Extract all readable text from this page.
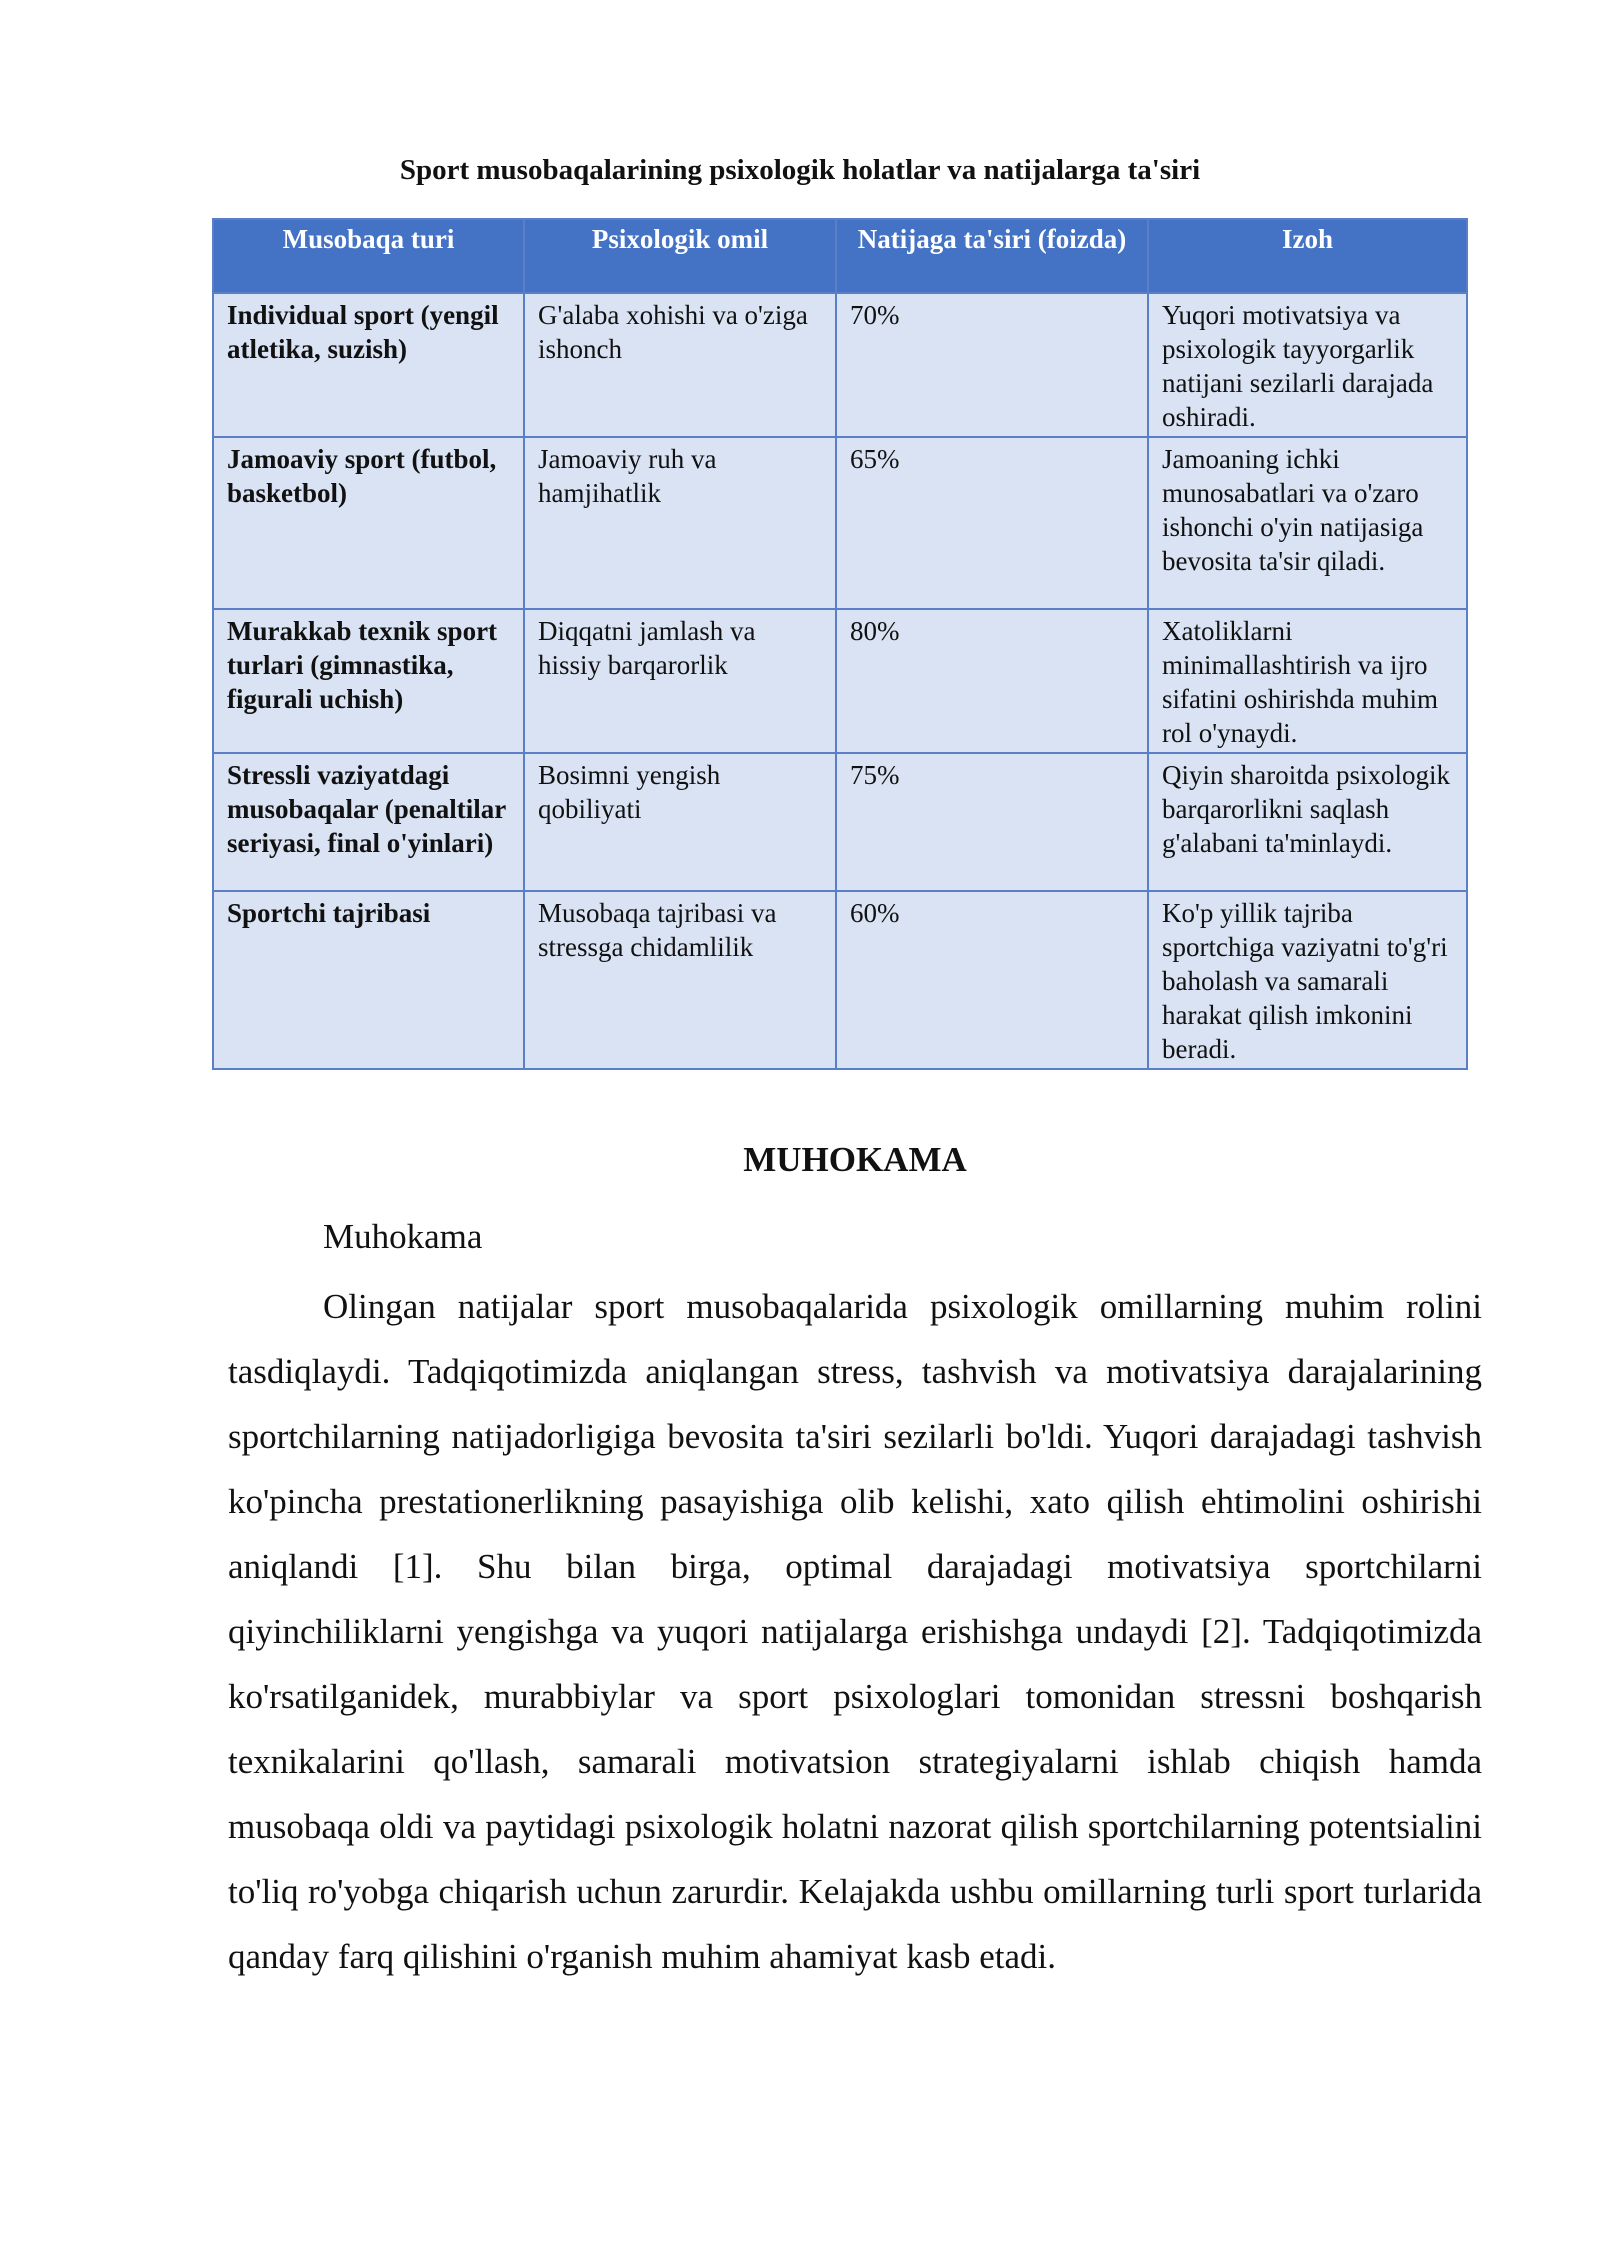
Sport musobaqalarining psixologik holatlar va natijalarga ta'siri
Musobaqa turi	Psixologik omil	Natijaga ta'siri (foizda)	Izoh
Individual sport (yengil atletika, suzish)	G'alaba xohishi va o'ziga ishonch	70%	Yuqori motivatsiya va psixologik tayyorgarlik natijani sezilarli darajada oshiradi.
Jamoaviy sport (futbol, basketbol)	Jamoaviy ruh va hamjihatlik	65%	Jamoaning ichki munosabatlari va o'zaro ishonchi o'yin natijasiga bevosita ta'sir qiladi.
Murakkab texnik sport turlari (gimnastika, figurali uchish)	Diqqatni jamlash va hissiy barqarorlik	80%	Xatoliklarni minimallashtirish va ijro sifatini oshirishda muhim rol o'ynaydi.
Stressli vaziyatdagi musobaqalar (penaltilar seriyasi, final o'yinlari)	Bosimni yengish qobiliyati	75%	Qiyin sharoitda psixologik barqarorlikni saqlash g'alabani ta'minlaydi.
Sportchi tajribasi	Musobaqa tajribasi va stressga chidamlilik	60%	Ko'p yillik tajriba sportchiga vaziyatni to'g'ri baholash va samarali harakat qilish imkonini beradi.
MUHOKAMA
Muhokama

Olingan natijalar sport musobaqalarida psixologik omillarning muhim rolini tasdiqlaydi. Tadqiqotimizda aniqlangan stress, tashvish va motivatsiya darajalarining sportchilarning natijadorligiga bevosita ta'siri sezilarli bo'ldi. Yuqori darajadagi tashvish ko'pincha prestationerlikning pasayishiga olib kelishi, xato qilish ehtimolini oshirishi aniqlandi [1]. Shu bilan birga, optimal darajadagi motivatsiya sportchilarni qiyinchiliklarni yengishga va yuqori natijalarga erishishga undaydi [2]. Tadqiqotimizda ko'rsatilganidek, murabbiylar va sport psixologlari tomonidan stressni boshqarish texnikalarini qo'llash, samarali motivatsion strategiyalarni ishlab chiqish hamda musobaqa oldi va paytidagi psixologik holatni nazorat qilish sportchilarning potentsialini to'liq ro'yobga chiqarish uchun zarurdir. Kelajakda ushbu omillarning turli sport turlarida qanday farq qilishini o'rganish muhim ahamiyat kasb etadi.
